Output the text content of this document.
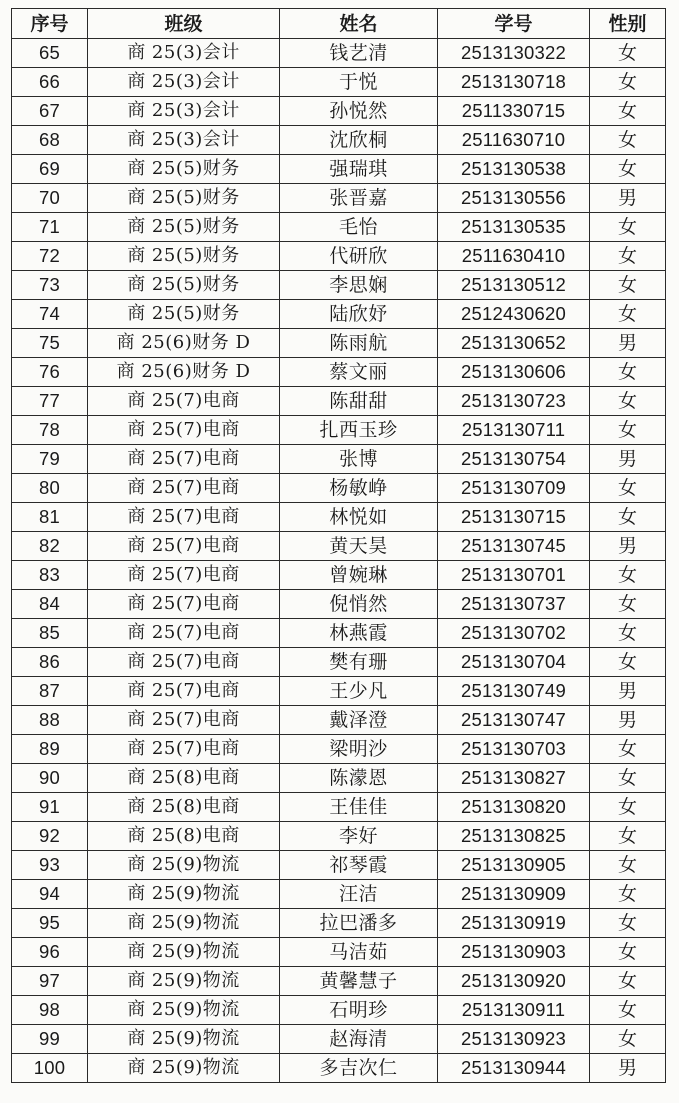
序号	班级	姓名	学号	性别
65	商 25(3)会计	钱艺清	2513130322	女
66	商 25(3)会计	于悦	2513130718	女
67	商 25(3)会计	孙悦然	2511330715	女
68	商 25(3)会计	沈欣桐	2511630710	女
69	商 25(5)财务	强瑞琪	2513130538	女
70	商 25(5)财务	张晋嘉	2513130556	男
71	商 25(5)财务	毛怡	2513130535	女
72	商 25(5)财务	代研欣	2511630410	女
73	商 25(5)财务	李思娴	2513130512	女
74	商 25(5)财务	陆欣妤	2512430620	女
75	商 25(6)财务 D	陈雨航	2513130652	男
76	商 25(6)财务 D	蔡文丽	2513130606	女
77	商 25(7)电商	陈甜甜	2513130723	女
78	商 25(7)电商	扎西玉珍	2513130711	女
79	商 25(7)电商	张博	2513130754	男
80	商 25(7)电商	杨敏峥	2513130709	女
81	商 25(7)电商	林悦如	2513130715	女
82	商 25(7)电商	黄天昊	2513130745	男
83	商 25(7)电商	曾婉琳	2513130701	女
84	商 25(7)电商	倪悄然	2513130737	女
85	商 25(7)电商	林燕霞	2513130702	女
86	商 25(7)电商	樊有珊	2513130704	女
87	商 25(7)电商	王少凡	2513130749	男
88	商 25(7)电商	戴泽澄	2513130747	男
89	商 25(7)电商	梁明沙	2513130703	女
90	商 25(8)电商	陈濛恩	2513130827	女
91	商 25(8)电商	王佳佳	2513130820	女
92	商 25(8)电商	李好	2513130825	女
93	商 25(9)物流	祁琴霞	2513130905	女
94	商 25(9)物流	汪洁	2513130909	女
95	商 25(9)物流	拉巴潘多	2513130919	女
96	商 25(9)物流	马洁茹	2513130903	女
97	商 25(9)物流	黄馨慧子	2513130920	女
98	商 25(9)物流	石明珍	2513130911	女
99	商 25(9)物流	赵海清	2513130923	女
100	商 25(9)物流	多吉次仁	2513130944	男
